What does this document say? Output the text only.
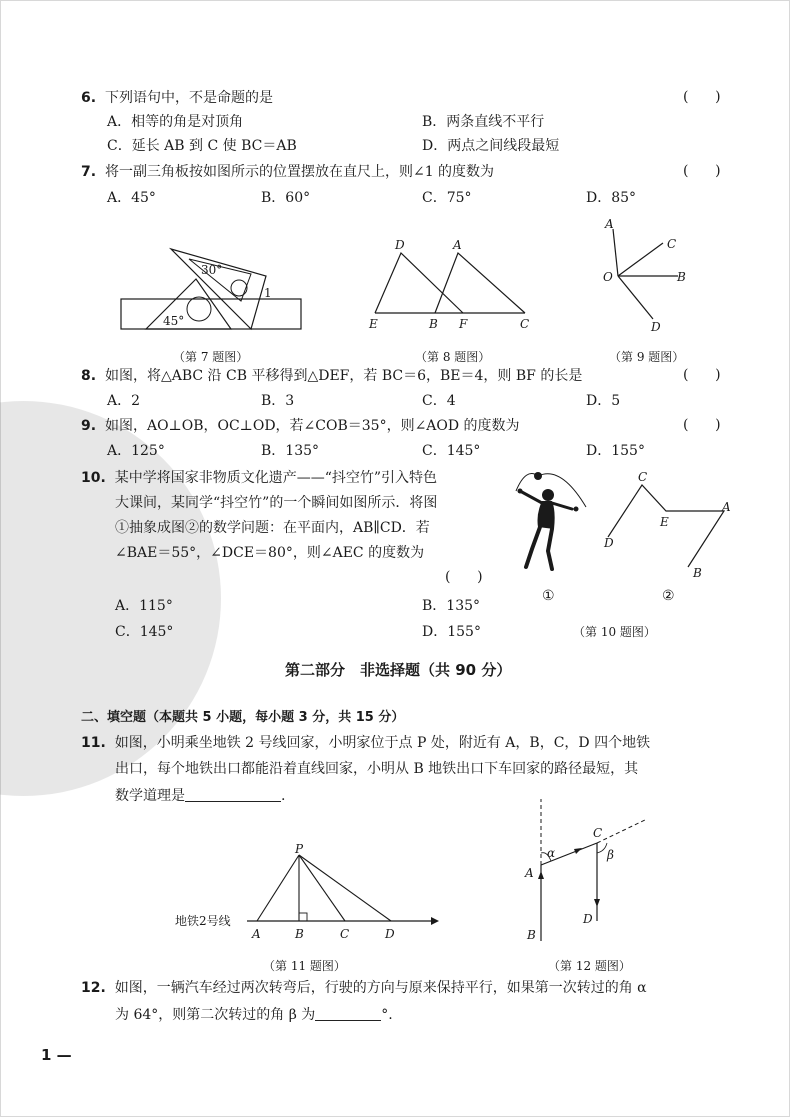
6. 下列语句中，不是命题的是	(      )
A．相等的角是对顶角	B．两条直线不平行
C．延长 AB 到 C 使 BC＝AB	D．两点之间线段最短
7. 将一副三角板按如图所示的位置摆放在直尺上，则∠1 的度数为	(      )
A．45°	B．60°	C．75°	D．85°
30°
45°
1
（第 7 题图）
D	A
E	B F	C
（第 8 题图）
A
C
O	B
D
（第 9 题图）
8. 如图，将△ABC 沿 CB 平移得到△DEF，若 BC＝6，BE＝4，则 BF 的长是	(      )
A．2	B．3	C．4	D．5
9. 如图，AO⊥OB，OC⊥OD，若∠COB＝35°，则∠AOD 的度数为	(      )
A．125°	B．135°	C．145°	D．155°
10. 某中学将国家非物质文化遗产——“抖空竹”引入特色
大课间，某同学“抖空竹”的一个瞬间如图所示．将图
①抽象成图②的数学问题：在平面内，AB∥CD．若
∠BAE＝55°，∠DCE＝80°，则∠AEC 的度数为
(      )
A．115°	B．135°
C．145°	D．155°
C
E
A
D
B
①	②
（第 10 题图）
第二部分　非选择题（共 90 分）
二、填空题（本题共 5 小题，每小题 3 分，共 15 分）
11. 如图，小明乘坐地铁 2 号线回家，小明家位于点 P 处，附近有 A，B，C，D 四个地铁
出口，每个地铁出口都能沿着直线回家，小明从 B 地铁出口下车回家的路径最短，其
数学道理是	.
P
地铁2号线
A	B	C	D
（第 11 题图）
α	β
A
C
B
D
（第 12 题图）
12. 如图，一辆汽车经过两次转弯后，行驶的方向与原来保持平行，如果第一次转过的角 α
为 64°，则第二次转过的角 β 为	°.
1 —
